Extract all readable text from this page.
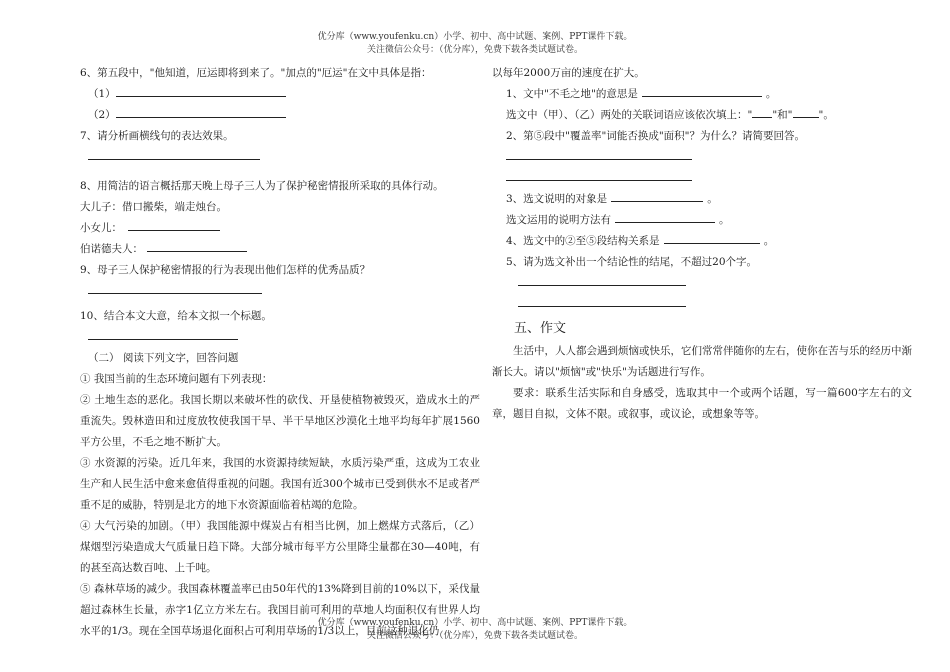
优分库（www.youfenku.cn）小学、初中、高中试题、案例、PPT课件下载。
关注微信公众号：（优分库），免费下载各类试题试卷。

6、第五段中，"他知道，厄运即将到来了。"加点的"厄运"在文中具体是指：

（1）

（2）

7、请分析画横线句的表达效果。

8、用简洁的语言概括那天晚上母子三人为了保护秘密情报所采取的具体行动。

大儿子：借口搬柴，端走烛台。

小女儿：

伯诺德夫人：

9、母子三人保护秘密情报的行为表现出他们怎样的优秀品质？

10、结合本文大意，给本文拟一个标题。

（二） 阅读下列文字，回答问题

① 我国当前的生态环境问题有下列表现：

② 土地生态的恶化。我国长期以来破坏性的砍伐、开垦使植物被毁灭，造成水土的严重流失。毁林造田和过度放牧使我国干旱、半干旱地区沙漠化土地平均每年扩展1560平方公里，不毛之地不断扩大。

③ 水资源的污染。近几年来，我国的水资源持续短缺，水质污染严重，这成为工农业生产和人民生活中愈来愈值得重视的问题。我国有近300个城市已受到供水不足或者严重不足的威胁，特别是北方的地下水资源面临着枯竭的危险。

④ 大气污染的加剧。（甲）我国能源中煤炭占有相当比例，加上燃煤方式落后，（乙）煤烟型污染造成大气质量日趋下降。大部分城市每平方公里降尘量都在30—40吨，有的甚至高达数百吨、上千吨。

⑤ 森林草场的减少。我国森林覆盖率已由50年代的13%降到目前的10%以下，采伐量超过森林生长量，赤字1亿立方米左右。我国目前可利用的草地人均面积仅有世界人均水平的1/3。现在全国草场退化面积占可利用草场的1/3以上，目前这种退化仍

以每年2000万亩的速度在扩大。

1、文中"不毛之地"的意思是	。

选文中（甲）、（乙）两处的关联词语应该依次填上：" "和" "。

2、第⑤段中"覆盖率"词能否换成"面积"？为什么？请简要回答。

3、选文说明的对象是	。

选文运用的说明方法有	。

4、选文中的②至⑤段结构关系是	。

5、请为选文补出一个结论性的结尾，不超过20个字。

五、作文

生活中，人人都会遇到烦恼或快乐，它们常常伴随你的左右，使你在苦与乐的经历中渐渐长大。请以"烦恼"或"快乐"为话题进行写作。

要求：联系生活实际和自身感受，选取其中一个或两个话题，写一篇600字左右的文章，题目自拟，文体不限。或叙事，或议论，或想象等等。

优分库（www.youfenku.cn）小学、初中、高中试题、案例、PPT课件下载。
关注微信公众号：（优分库），免费下载各类试题试卷。
